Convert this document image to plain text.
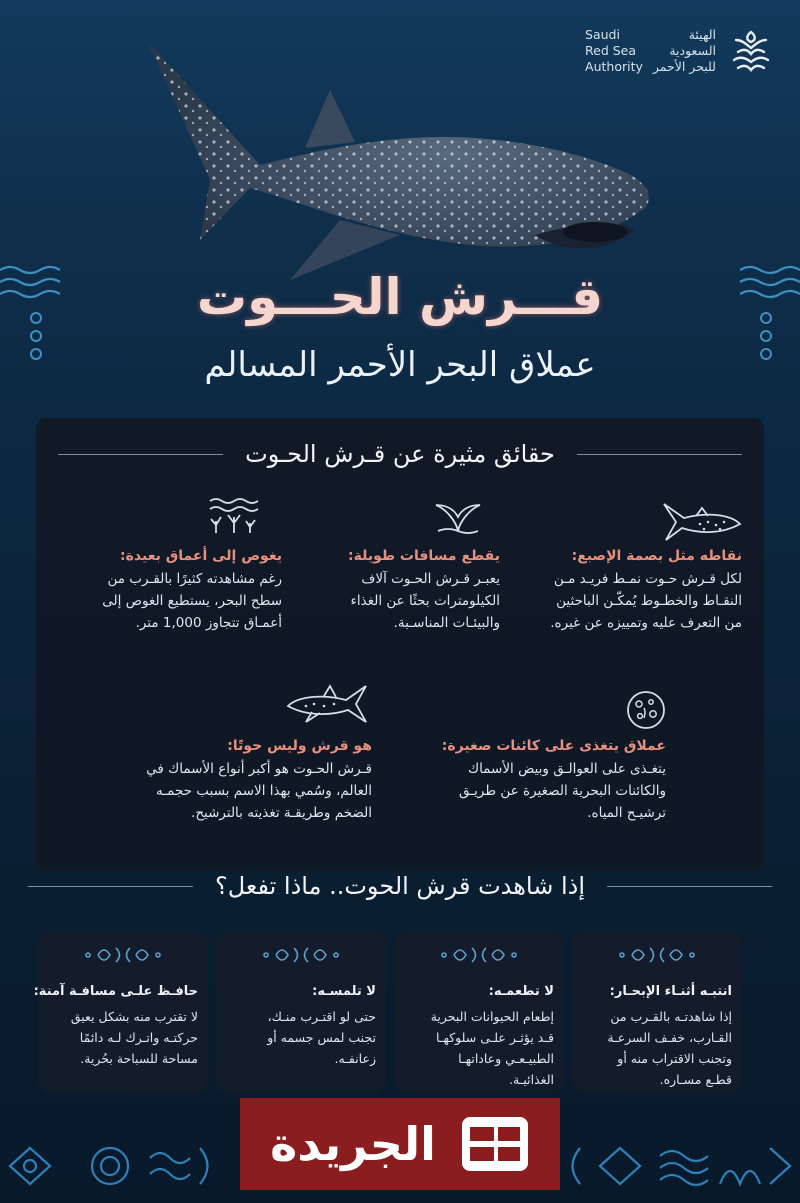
Saudi
Red Sea
Authority
الهيئة
السعودية
للبحر الأحمر
قـــرش الحـــوت
عملاق البحر الأحمر المسالم
حقائق مثيرة عن قـرش الحـوت
نقاطه مثل بصمة الإصبع:
لكل قـرش حـوت نمـط فريـد مـن
النقـاط والخطـوط يُمكّـن الباحثين
من التعرف عليه وتمييزه عن غيره.
يقطع مسافات طويلة:
يعبـر قـرش الحـوت آلاف
الكيلومترات بحثًا عن الغذاء
والبيئـات المناسـبة.
يغوص إلى أعماق بعيدة:
رغم مشاهدته كثيرًا بالقـرب من
سطح البحر، يستطيع الغوص إلى
أعمـاق تتجاوز 1,000 متر.
عملاق يتغذى على كائنات صغيرة:
يتغـذى على العوالـق وبيض الأسماك
والكائنات البحرية الصغيرة عن طريـق
ترشيـح المياه.
هو قرش وليس حوتًا:
قـرش الحـوت هو أكبر أنواع الأسماك في
العالم، وسُمي بهذا الاسم بسبب حجمـه
الضخم وطريقـة تغذيته بالترشيح.
إذا شاهدت قرش الحوت.. ماذا تفعل؟
حافـظ علـى مسافـة آمنة:
لا تقترب منه بشكل يعيق
حركتـه واتـرك لـه دائمًا
مساحة للسباحة بحُرية.
لا تلمسـه:
حتى لو اقتـرب منـك،
تجنب لمس جسمه أو
زعانفـه.
لا تطعمـه:
إطعام الحيوانات البحرية
قـد يؤثـر علـى سلوكهـا
الطبيـعـي وعاداتهـا
الغذائيـة.
انتبـه أثنـاء الإبحـار:
إذا شاهدتـه بالقـرب من
القـارب، خفـف السرعـة
وتجنب الاقتراب منه أو
قطـع مسـاره.
الجريدة
